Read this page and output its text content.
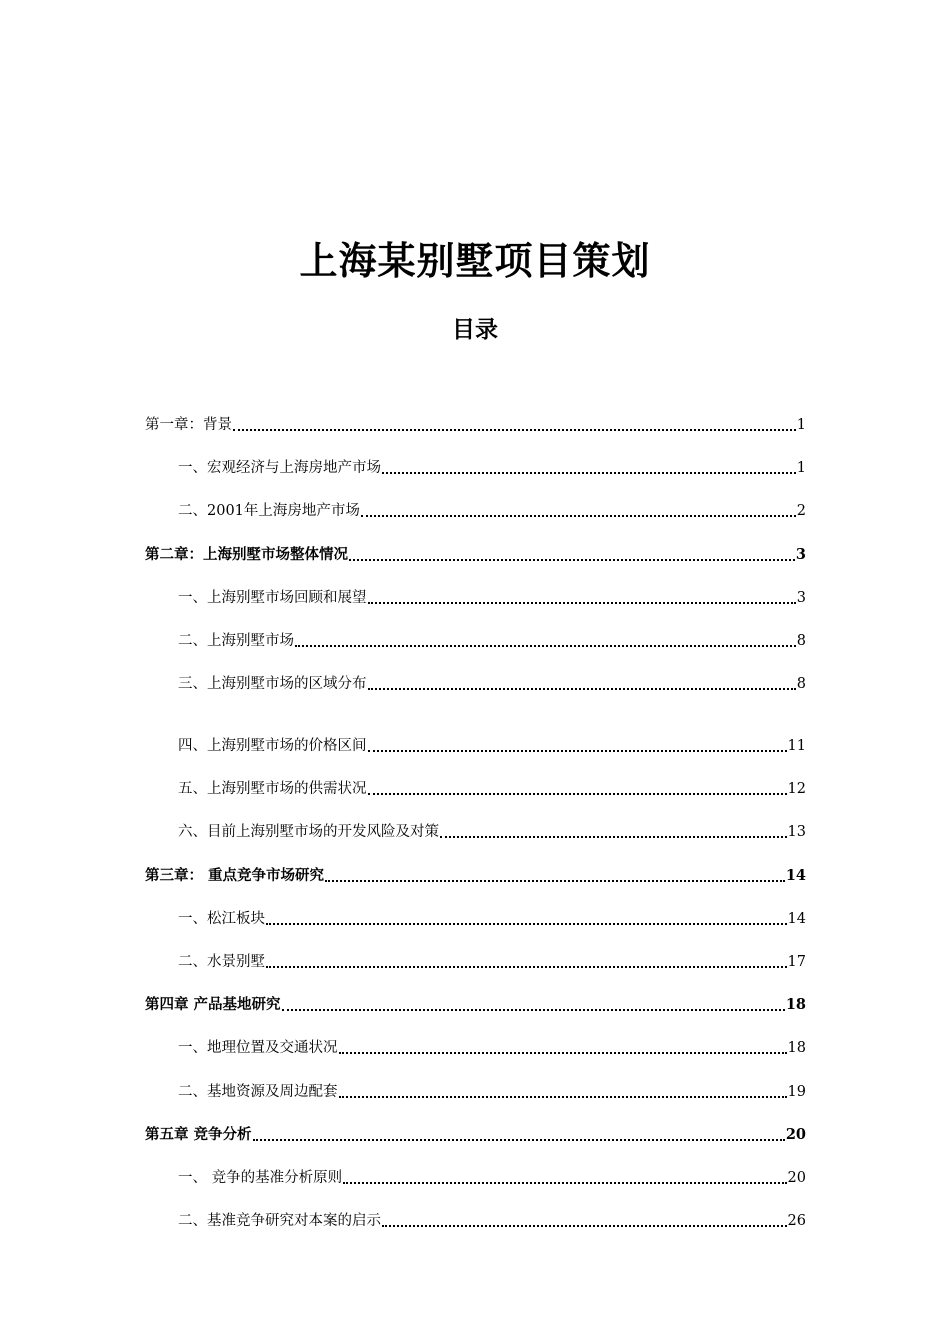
上海某别墅项目策划
目录
第一章：背景	1
一、宏观经济与上海房地产市场	1
二、2001年上海房地产市场	2
第二章：上海别墅市场整体情况	3
一、上海别墅市场回顾和展望	3
二、上海别墅市场	8
三、上海别墅市场的区域分布	8
四、上海别墅市场的价格区间	11
五、上海别墅市场的供需状况	12
六、目前上海别墅市场的开发风险及对策	13
第三章： 重点竞争市场研究	14
一、松江板块	14
二、水景别墅	17
第四章 产品基地研究	18
一、地理位置及交通状况	18
二、基地资源及周边配套	19
第五章 竞争分析	20
一、 竞争的基准分析原则	20
二、基准竞争研究对本案的启示	26
